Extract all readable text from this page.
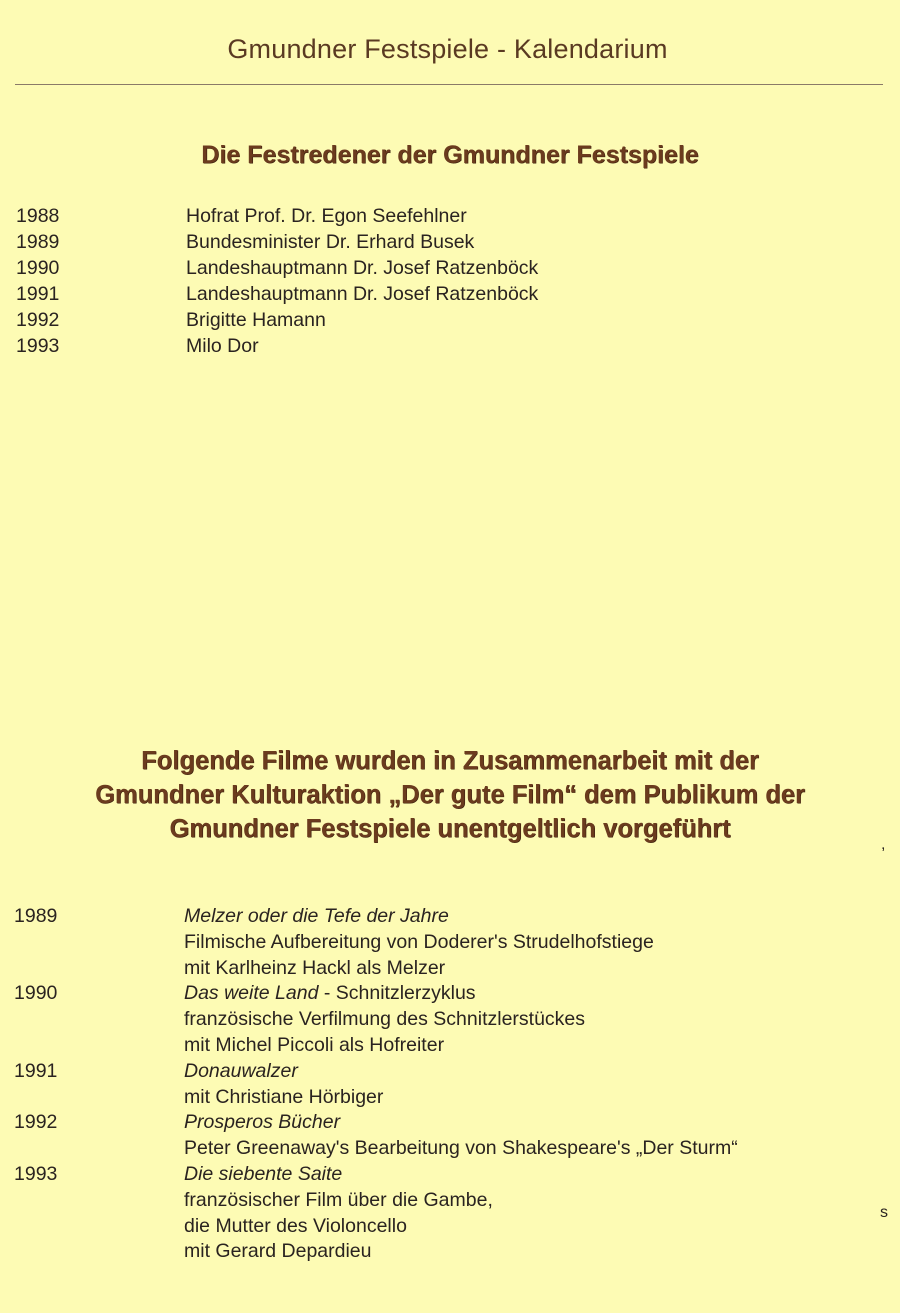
Gmundner Festspiele - Kalendarium
Die Festredener der Gmundner Festspiele
1988	Hofrat Prof. Dr. Egon Seefehlner
1989	Bundesminister Dr. Erhard Busek
1990	Landeshauptmann Dr. Josef Ratzenböck
1991	Landeshauptmann Dr. Josef Ratzenböck
1992	Brigitte Hamann
1993	Milo Dor
Folgende Filme wurden in Zusammenarbeit mit der
Gmundner Kulturaktion „Der gute Film“ dem Publikum der
Gmundner Festspiele unentgeltlich vorgeführt
1989	Melzer oder die Tefe der Jahre
Filmische Aufbereitung von Doderer's Strudelhofstiege
mit Karlheinz Hackl als Melzer
1990	Das weite Land - Schnitzlerzyklus
französische Verfilmung des Schnitzlerstückes
mit Michel Piccoli als Hofreiter
1991	Donauwalzer
mit Christiane Hörbiger
1992	Prosperos Bücher
Peter Greenaway's Bearbeitung von Shakespeare's „Der Sturm“
1993	Die siebente Saite
französischer Film über die Gambe,
die Mutter des Violoncello
mit Gerard Depardieu
,
s
